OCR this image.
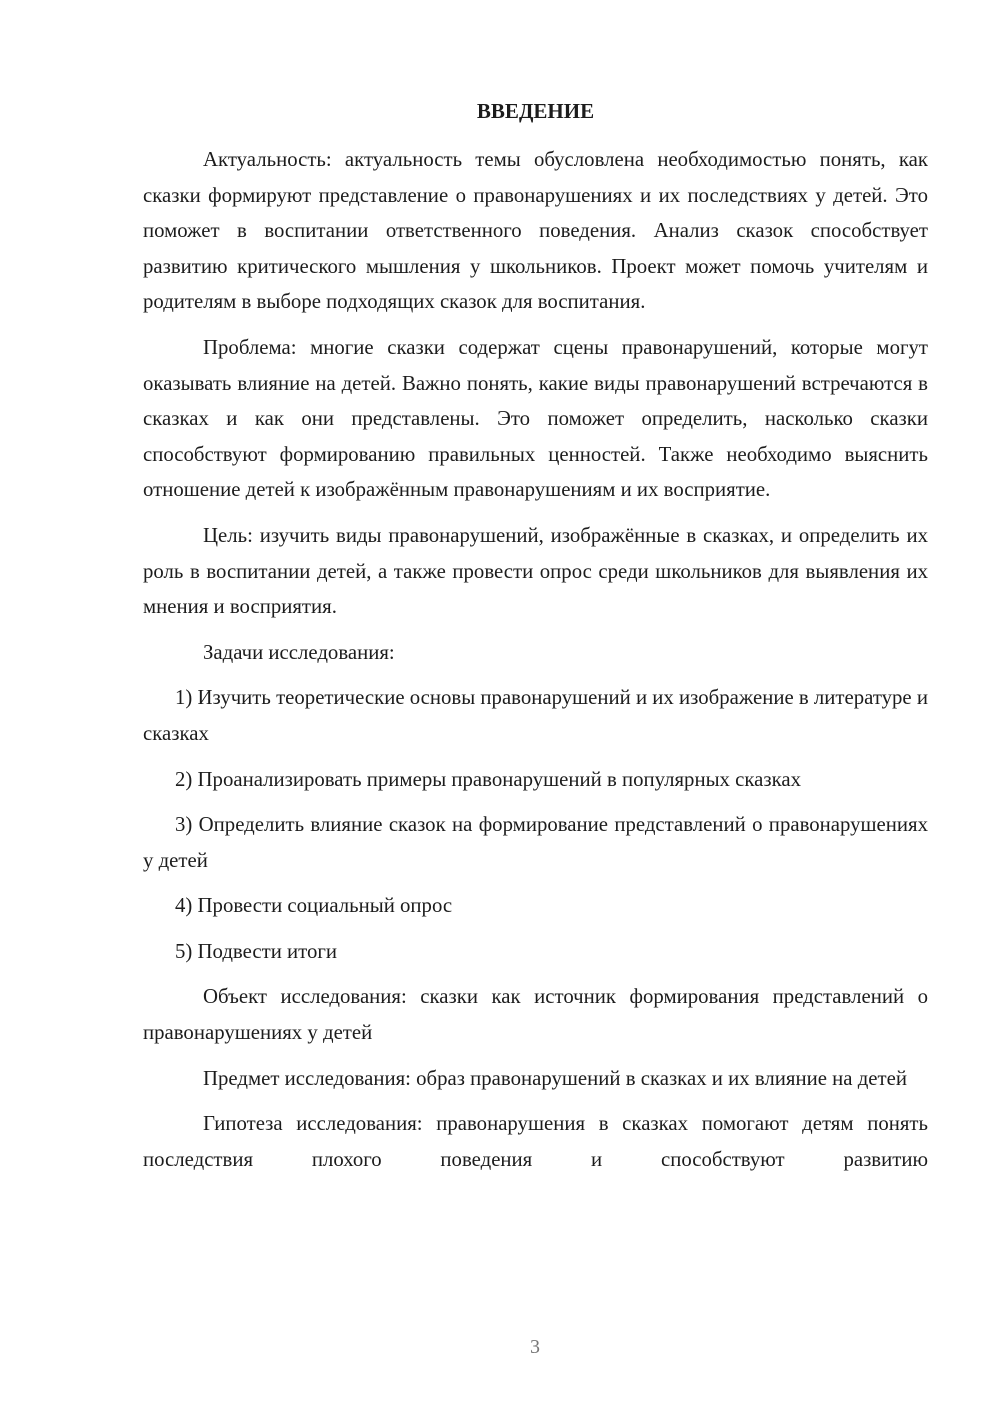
ВВЕДЕНИЕ

Актуальность: актуальность темы обусловлена необходимостью понять, как сказки формируют представление о правонарушениях и их последствиях у детей. Это поможет в воспитании ответственного поведения. Анализ сказок способствует развитию критического мышления у школьников. Проект может помочь учителям и родителям в выборе подходящих сказок для воспитания.

Проблема: многие сказки содержат сцены правонарушений, которые могут оказывать влияние на детей. Важно понять, какие виды правонарушений встречаются в сказках и как они представлены. Это поможет определить, насколько сказки способствуют формированию правильных ценностей. Также необходимо выяснить отношение детей к изображённым правонарушениям и их восприятие.

Цель: изучить виды правонарушений, изображённые в сказках, и определить их роль в воспитании детей, а также провести опрос среди школьников для выявления их мнения и восприятия.

Задачи исследования:

1) Изучить теоретические основы правонарушений и их изображение в литературе и сказках

2) Проанализировать примеры правонарушений в популярных сказках

3) Определить влияние сказок на формирование представлений о правонарушениях у детей

4) Провести социальный опрос

5) Подвести итоги

Объект исследования: сказки как источник формирования представлений о правонарушениях у детей

Предмет исследования: образ правонарушений в сказках и их влияние на детей

Гипотеза исследования: правонарушения в сказках помогают детям понять последствия плохого поведения и способствуют развитию

3
